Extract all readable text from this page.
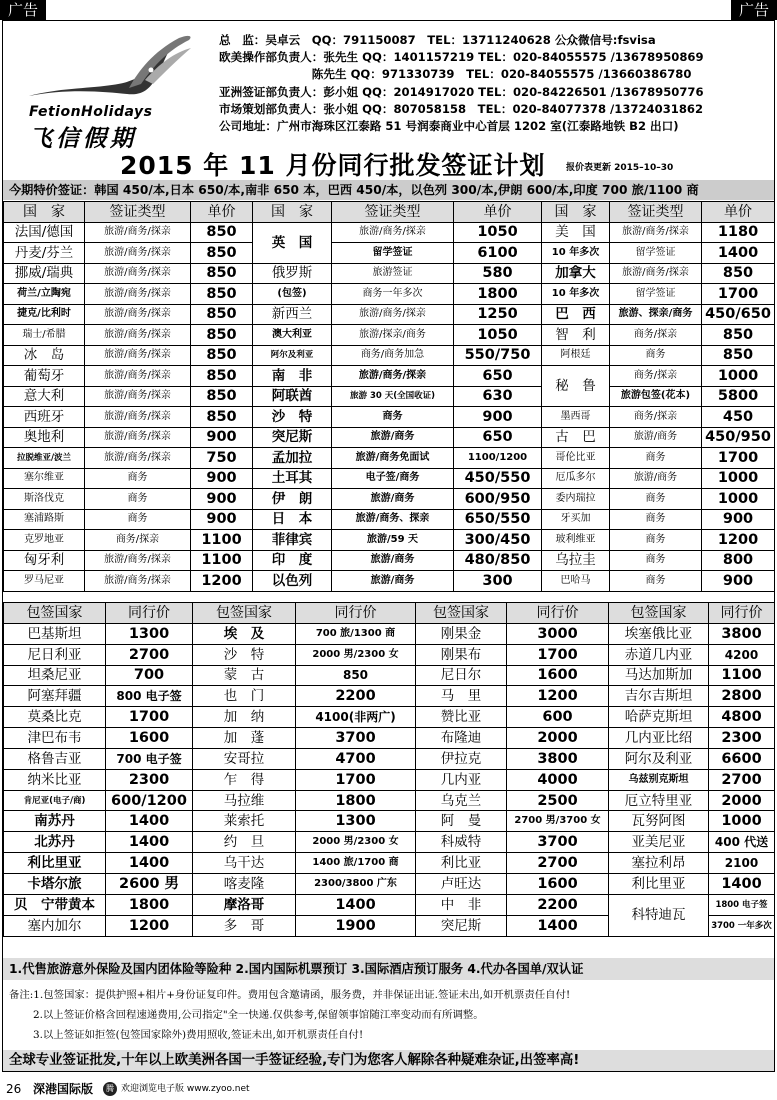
广告	广告
FetionHolidays
飞信假期
总　监：吴卓云　QQ：791150087　TEL：13711240628 公众微信号:fsvisa
欧美操作部负责人：张先生 QQ：1401157219 TEL：020-84055575 /13678950869
　　　　　　　　陈先生 QQ：971330739　TEL：020-84055575 /13660386780
亚洲签证部负责人：彭小姐 QQ：2014917020 TEL：020-84226501 /13678950776
市场策划部负责人：张小姐 QQ：807058158　TEL：020-84077378 /13724031862
公司地址：广州市海珠区江泰路 51 号润泰商业中心首层 1202 室(江泰路地铁 B2 出口)
2015 年 11 月份同行批发签证计划 报价表更新 2015–10–30
今期特价签证：韩国 450/本,日本 650/本,南非 650 本，巴西 450/本，以色列 300/本,伊朗 600/本,印度 700 旅/1100 商
国　家	签证类型	单价	国　家	签证类型	单价	国　家	签证类型	单价
法国/德国	旅游/商务/探亲	850	英　国	旅游/商务/探亲	1050	美　国	旅游/商务/探亲	1180
丹麦/芬兰	旅游/商务/探亲	850		留学签证	6100	10 年多次	留学签证	1400
挪威/瑞典	旅游/商务/探亲	850	俄罗斯	旅游签证	580	加拿大	旅游/商务/探亲	850
荷兰/立陶宛	旅游/商务/探亲	850	(包签)	商务一年多次	1800	10 年多次	留学签证	1700
捷克/比利时	旅游/商务/探亲	850	新西兰	旅游/商务/探亲	1250	巴　西	旅游、探亲/商务	450/650
瑞士/希腊	旅游/商务/探亲	850	澳大利亚	旅游/探亲/商务	1050	智　利	商务/探亲	850
冰　岛	旅游/商务/探亲	850	阿尔及利亚	商务/商务加急	550/750	阿根廷	商务	850
葡萄牙	旅游/商务/探亲	850	南　非	旅游/商务/探亲	650	秘　鲁	商务/探亲	1000
意大利	旅游/商务/探亲	850	阿联酋	旅游 30 天(全国收证)	630		旅游包签(花本)	5800
西班牙	旅游/商务/探亲	850	沙　特	商务	900	墨西哥	商务/探亲	450
奥地利	旅游/商务/探亲	900	突尼斯	旅游/商务	650	古　巴	旅游/商务	450/950
拉脱维亚/波兰	旅游/商务/探亲	750	孟加拉	旅游/商务免面试	1100/1200	哥伦比亚	商务	1700
塞尔维亚	商务	900	土耳其	电子签/商务	450/550	厄瓜多尔	旅游/商务	1000
斯洛伐克	商务	900	伊　朗	旅游/商务	600/950	委内瑞拉	商务	1000
塞浦路斯	商务	900	日　本	旅游/商务、探亲	650/550	牙买加	商务	900
克罗地亚	商务/探亲	1100	菲律宾	旅游/59 天	300/450	玻利维亚	商务	1200
匈牙利	旅游/商务/探亲	1100	印　度	旅游/商务	480/850	乌拉圭	商务	800
罗马尼亚	旅游/商务/探亲	1200	以色列	旅游/商务	300	巴哈马	商务	900
包签国家	同行价	包签国家	同行价	包签国家	同行价	包签国家	同行价
巴基斯坦	1300	埃　及	700 旅/1300 商	刚果金	3000	埃塞俄比亚	3800
尼日利亚	2700	沙　特	2000 男/2300 女	刚果布	1700	赤道几内亚	4200
坦桑尼亚	700	蒙　古	850	尼日尔	1600	马达加斯加	1100
阿塞拜疆	800 电子签	也　门	2200	马　里	1200	吉尔吉斯坦	2800
莫桑比克	1700	加　纳	4100(非两广)	赞比亚	600	哈萨克斯坦	4800
津巴布韦	1600	加　蓬	3700	布隆迪	2000	几内亚比绍	2300
格鲁吉亚	700 电子签	安哥拉	4700	伊拉克	3800	阿尔及利亚	6600
纳米比亚	2300	乍　得	1700	几内亚	4000	乌兹别克斯坦	2700
肯尼亚(电子/商)	600/1200	马拉维	1800	乌克兰	2500	厄立特里亚	2000
南苏丹	1400	莱索托	1300	阿　曼	2700 男/3700 女	瓦努阿图	1000
北苏丹	1400	约　旦	2000 男/2300 女	科威特	3700	亚美尼亚	400 代送
利比里亚	1400	乌干达	1400 旅/1700 商	利比亚	2700	塞拉利昂	2100
卡塔尔旅	2600 男	喀麦隆	2300/3800 广东	卢旺达	1600	利比里亚	1400
贝　宁带黄本	1800	摩洛哥	1400	中　非	2200	科特迪瓦	1800 电子签
塞内加尔	1200	多　哥	1900	突尼斯	1400		3700 一年多次
1.代售旅游意外保险及国内团体险等险种 2.国内国际机票预订 3.国际酒店预订服务 4.代办各国单/双认证
备注:1.包签国家：提供护照+相片+身份证复印件。费用包含邀请函，服务费，并非保证出证.签证未出,如开机票责任自付!
2.以上签证价格含回程速递费用,公司指定"全一快递.仅供参考,保留领事馆随江率变动而有所调整。
3.以上签证如拒签(包签国家除外)费用照收,签证未出,如开机票责任自付!
全球专业签证批发,十年以上欧美洲各国一手签证经验,专门为您客人解除各种疑难杂证,出签率高!
26 深港国际版	腾 欢迎浏览电子版 www.zyoo.net
